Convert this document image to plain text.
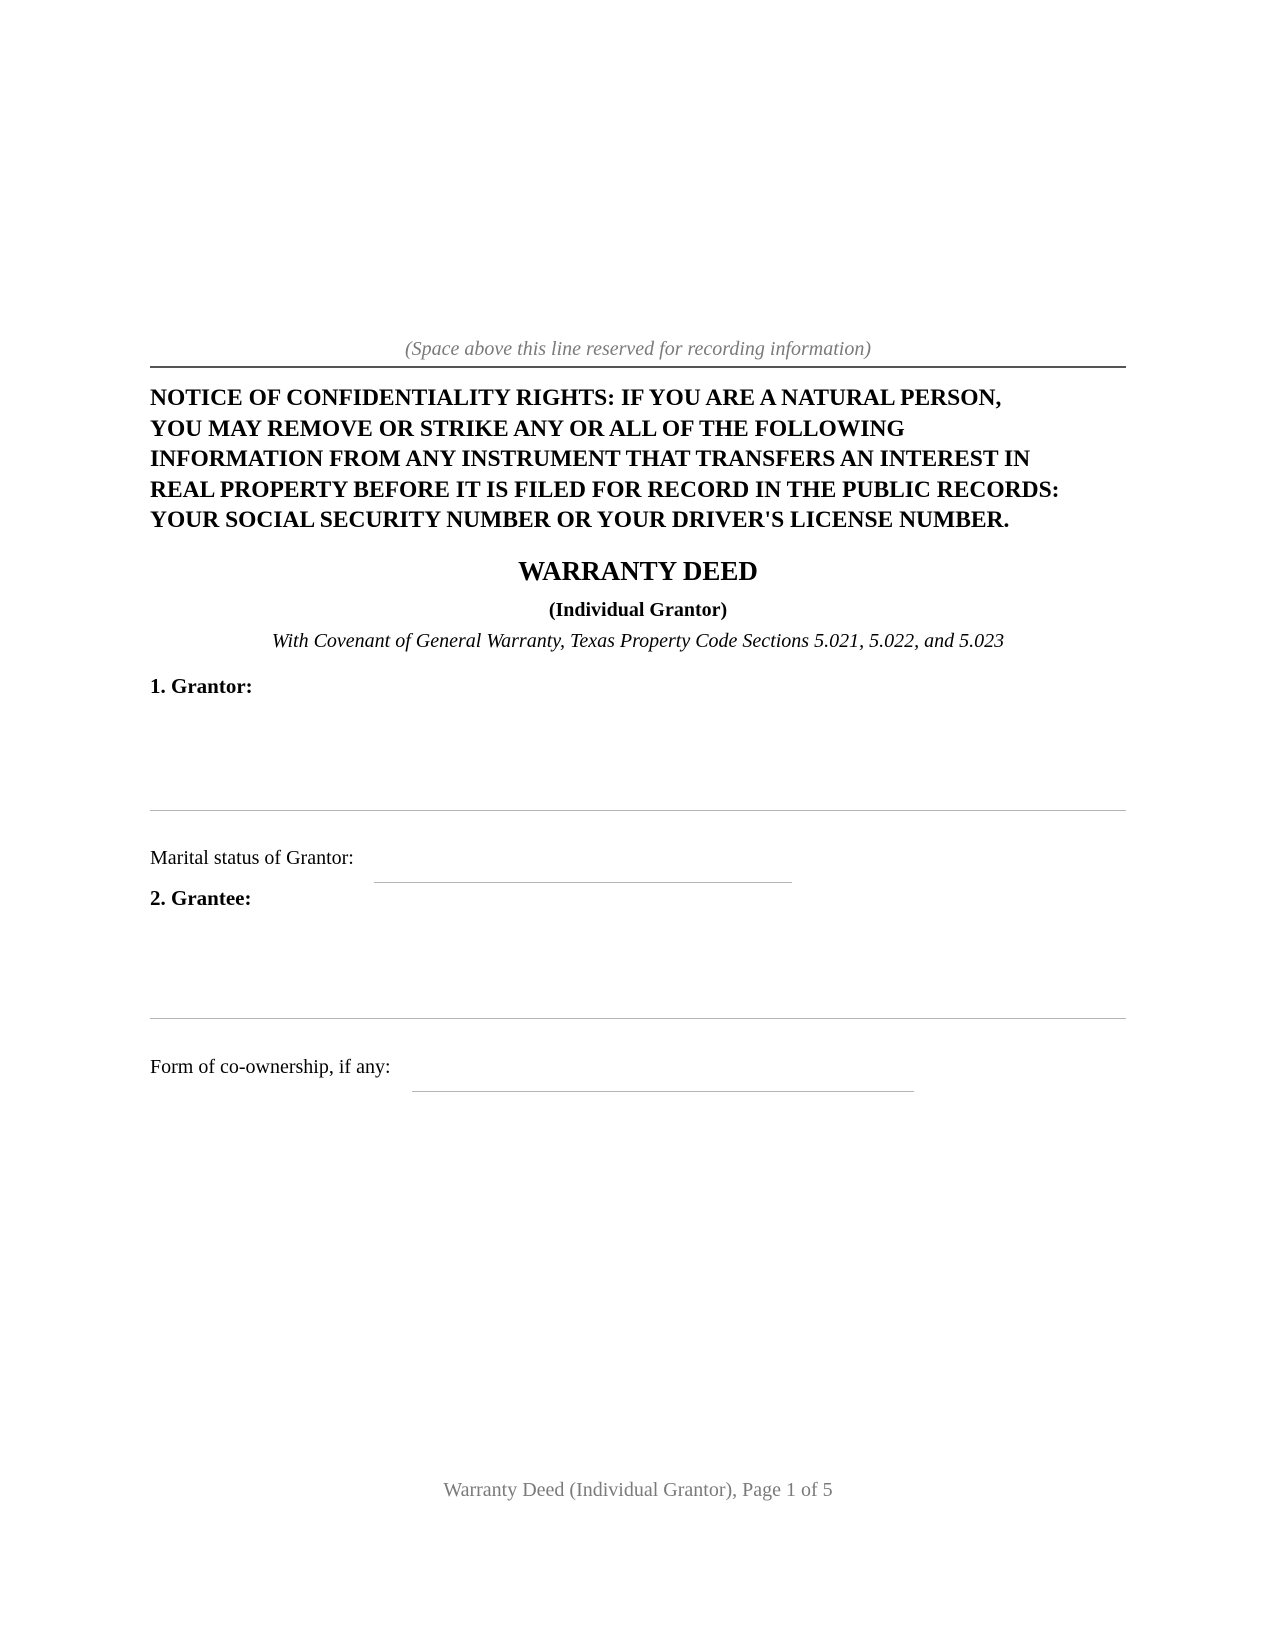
(Space above this line reserved for recording information)
NOTICE OF CONFIDENTIALITY RIGHTS: IF YOU ARE A NATURAL PERSON,
YOU MAY REMOVE OR STRIKE ANY OR ALL OF THE FOLLOWING
INFORMATION FROM ANY INSTRUMENT THAT TRANSFERS AN INTEREST IN
REAL PROPERTY BEFORE IT IS FILED FOR RECORD IN THE PUBLIC RECORDS:
YOUR SOCIAL SECURITY NUMBER OR YOUR DRIVER'S LICENSE NUMBER.
WARRANTY DEED
(Individual Grantor)
With Covenant of General Warranty, Texas Property Code Sections 5.021, 5.022, and 5.023
1. Grantor:
Marital status of Grantor:
2. Grantee:
Form of co-ownership, if any:
Warranty Deed (Individual Grantor), Page 1 of 5
